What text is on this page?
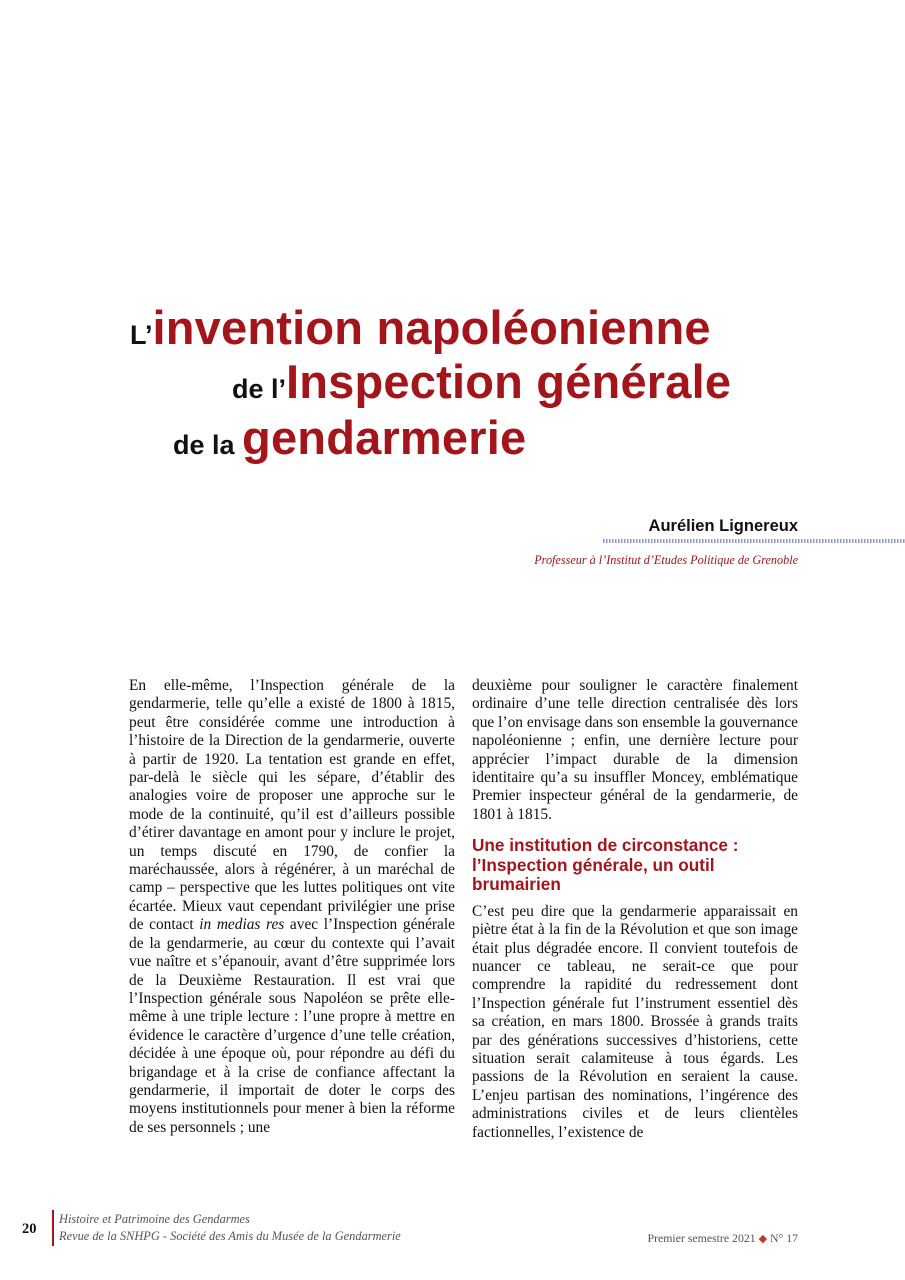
L’invention napoléonienne
de l’Inspection générale
de la gendarmerie
Aurélien Lignereux
Professeur à l’Institut d’Etudes Politique de Grenoble

En elle-même, l’Inspection générale de la gendarmerie, telle qu’elle a existé de 1800 à 1815, peut être considérée comme une introduction à l’histoire de la Direction de la gendarmerie, ouverte à partir de 1920. La tentation est grande en effet, par-delà le siècle qui les sépare, d’établir des analogies voire de proposer une approche sur le mode de la continuité, qu’il est d’ailleurs possible d’étirer davantage en amont pour y inclure le projet, un temps discuté en 1790, de confier la maréchaussée, alors à régénérer, à un maréchal de camp – perspective que les luttes politiques ont vite écartée. Mieux vaut cependant privilégier une prise de contact in medias res avec l’Inspection générale de la gendarmerie, au cœur du contexte qui l’avait vue naître et s’épanouir, avant d’être supprimée lors de la Deuxième Restauration. Il est vrai que l’Inspection générale sous Napoléon se prête elle-même à une triple lecture : l’une propre à mettre en évidence le caractère d’urgence d’une telle création, décidée à une époque où, pour répondre au défi du brigandage et à la crise de confiance affectant la gendarmerie, il importait de doter le corps des moyens institutionnels pour mener à bien la réforme de ses personnels ; une

deuxième pour souligner le caractère finalement ordinaire d’une telle direction centralisée dès lors que l’on envisage dans son ensemble la gouvernance napoléonienne ; enfin, une dernière lecture pour apprécier l’impact durable de la dimension identitaire qu’a su insuffler Moncey, emblématique Premier inspecteur général de la gendarmerie, de 1801 à 1815.

Une institution de circonstance : l’Inspection générale, un outil brumairien

C’est peu dire que la gendarmerie apparaissait en piètre état à la fin de la Révolution et que son image était plus dégradée encore. Il convient toutefois de nuancer ce tableau, ne serait-ce que pour comprendre la rapidité du redressement dont l’Inspection générale fut l’instrument essentiel dès sa création, en mars 1800. Brossée à grands traits par des générations successives d’historiens, cette situation serait calamiteuse à tous égards. Les passions de la Révolution en seraient la cause. L’enjeu partisan des nominations, l’ingérence des administrations civiles et de leurs clientèles factionnelles, l’existence de

20
Histoire et Patrimoine des Gendarmes
Revue de la SNHPG - Société des Amis du Musée de la Gendarmerie	Premier semestre 2021 ◆ N° 17
